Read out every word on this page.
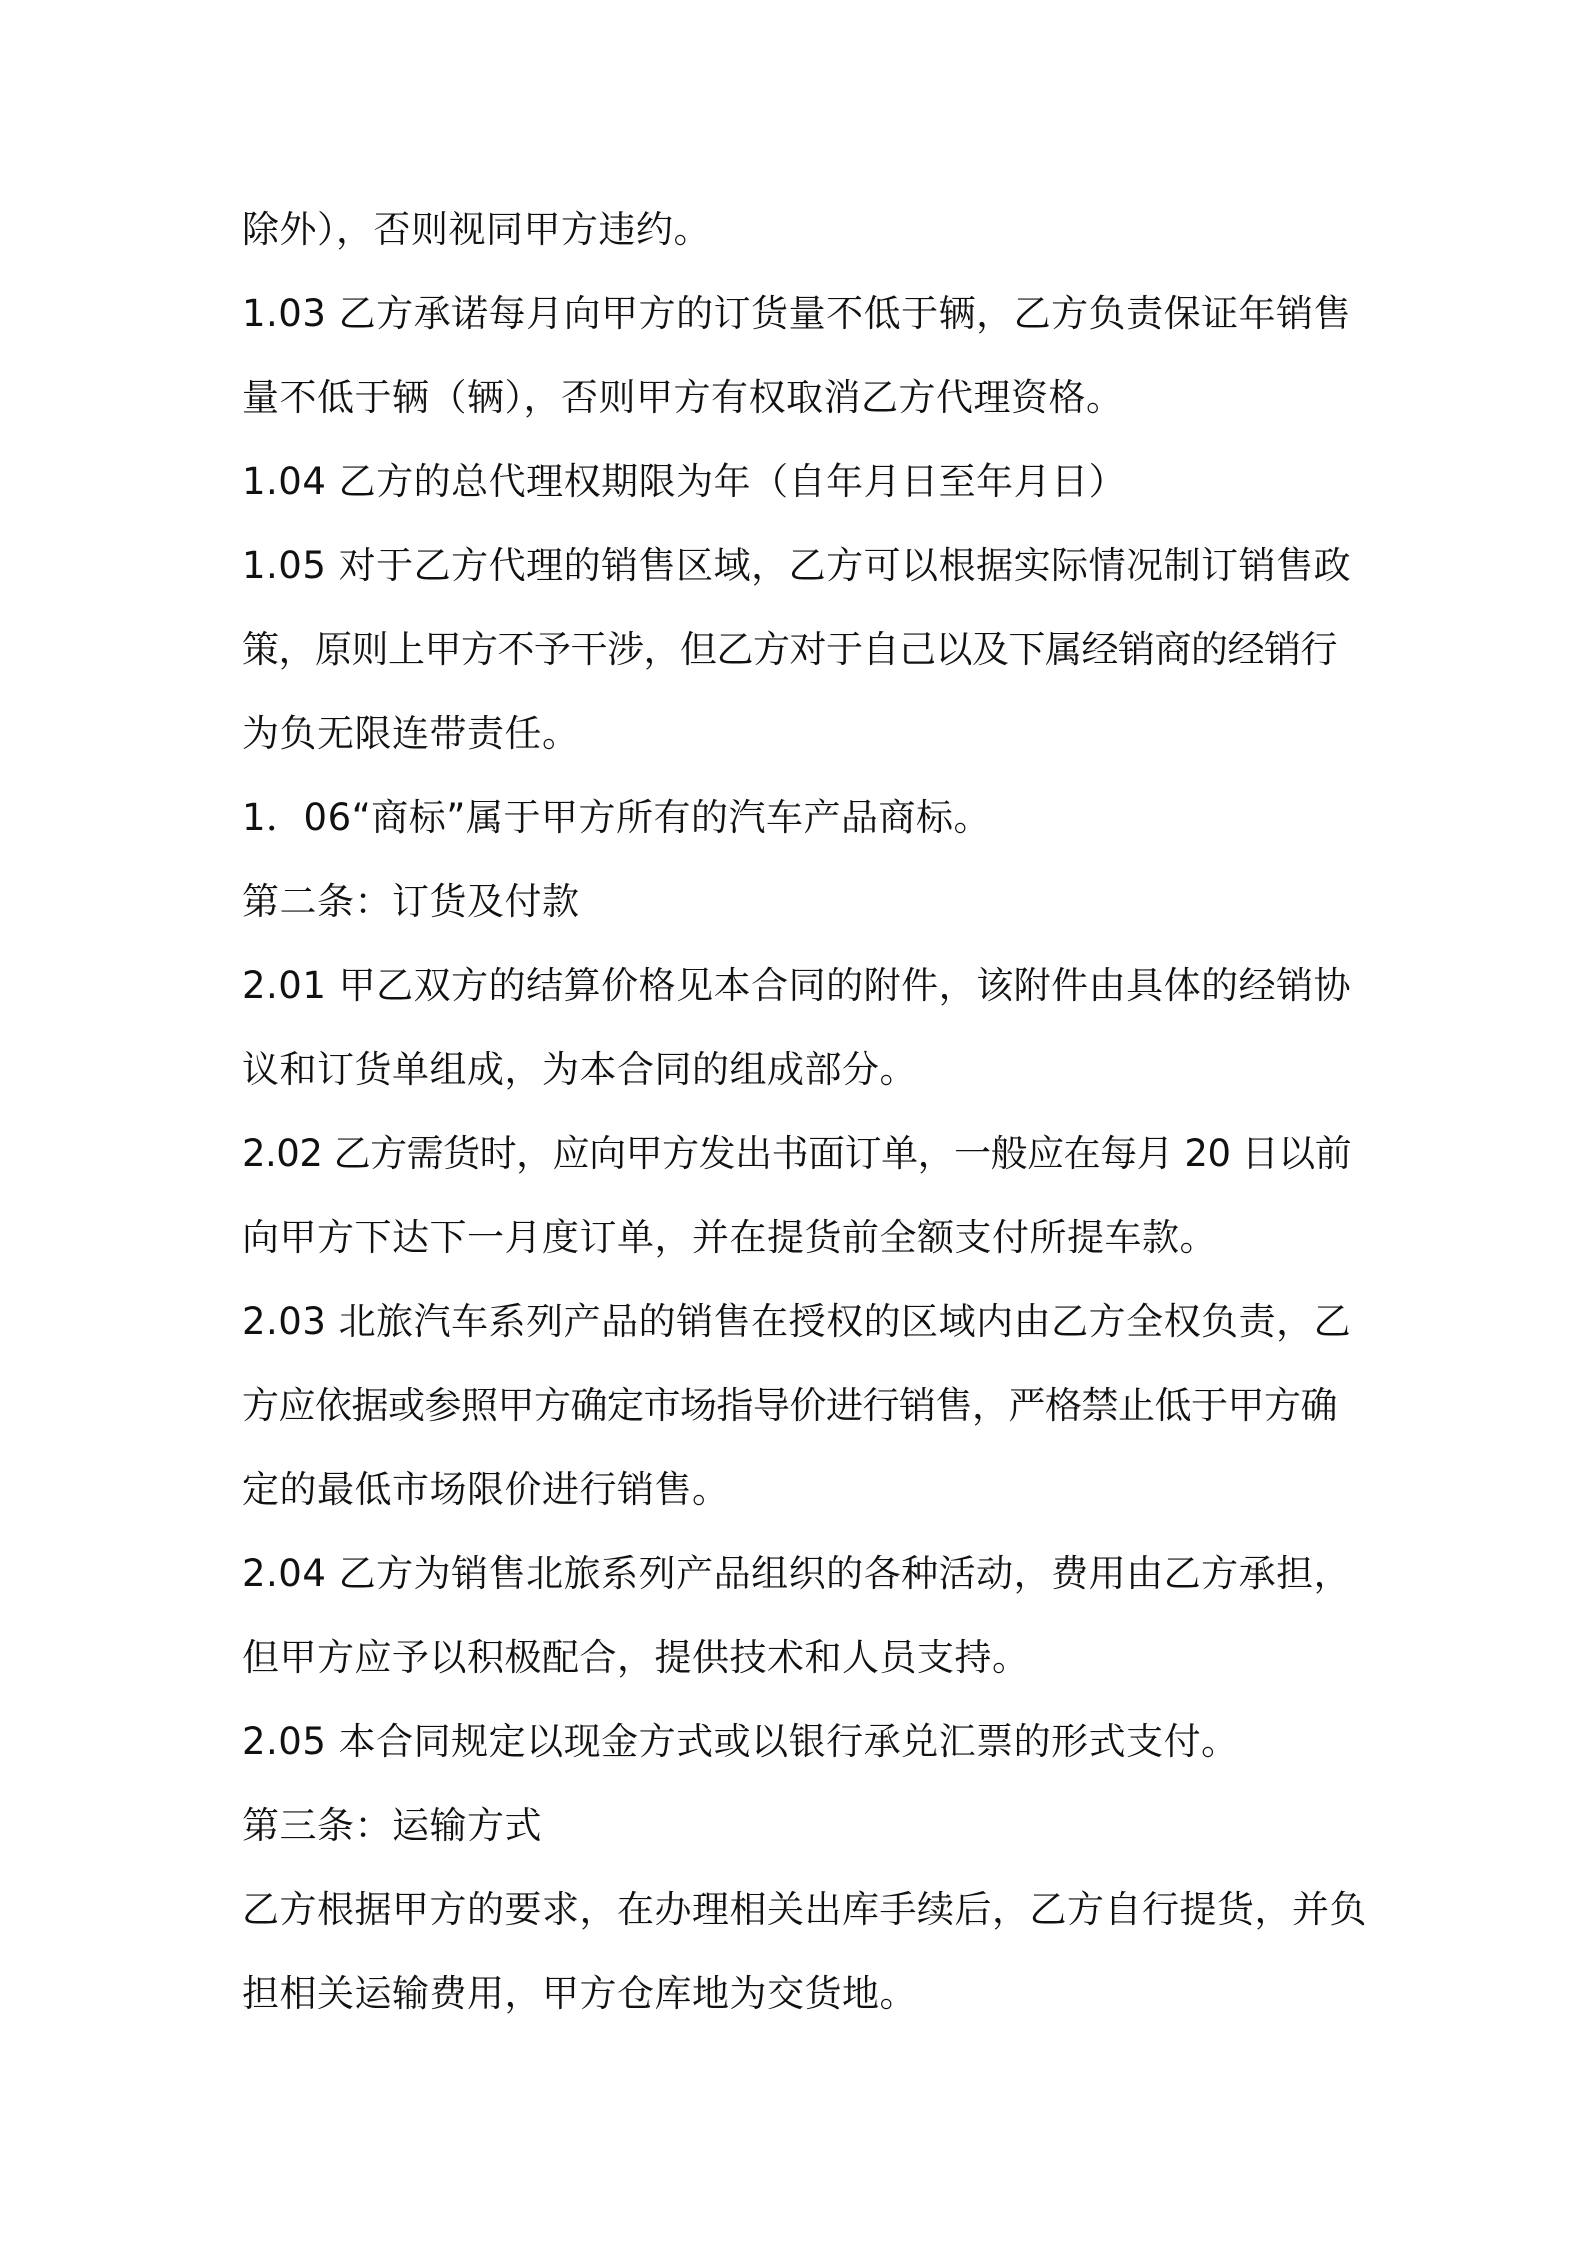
除外），否则视同甲方违约。
1.03 乙方承诺每月向甲方的订货量不低于辆，乙方负责保证年销售
量不低于辆（辆），否则甲方有权取消乙方代理资格。
1.04 乙方的总代理权期限为年（自年月日至年月日）
1.05 对于乙方代理的销售区域，乙方可以根据实际情况制订销售政
策，原则上甲方不予干涉，但乙方对于自己以及下属经销商的经销行
为负无限连带责任。
1．06“商标”属于甲方所有的汽车产品商标。
第二条：订货及付款
2.01 甲乙双方的结算价格见本合同的附件，该附件由具体的经销协
议和订货单组成，为本合同的组成部分。
2.02 乙方需货时，应向甲方发出书面订单，一般应在每月 20 日以前
向甲方下达下一月度订单，并在提货前全额支付所提车款。
2.03 北旅汽车系列产品的销售在授权的区域内由乙方全权负责，乙
方应依据或参照甲方确定市场指导价进行销售，严格禁止低于甲方确
定的最低市场限价进行销售。
2.04 乙方为销售北旅系列产品组织的各种活动，费用由乙方承担，
但甲方应予以积极配合，提供技术和人员支持。
2.05 本合同规定以现金方式或以银行承兑汇票的形式支付。
第三条：运输方式
乙方根据甲方的要求，在办理相关出库手续后，乙方自行提货，并负
担相关运输费用，甲方仓库地为交货地。
